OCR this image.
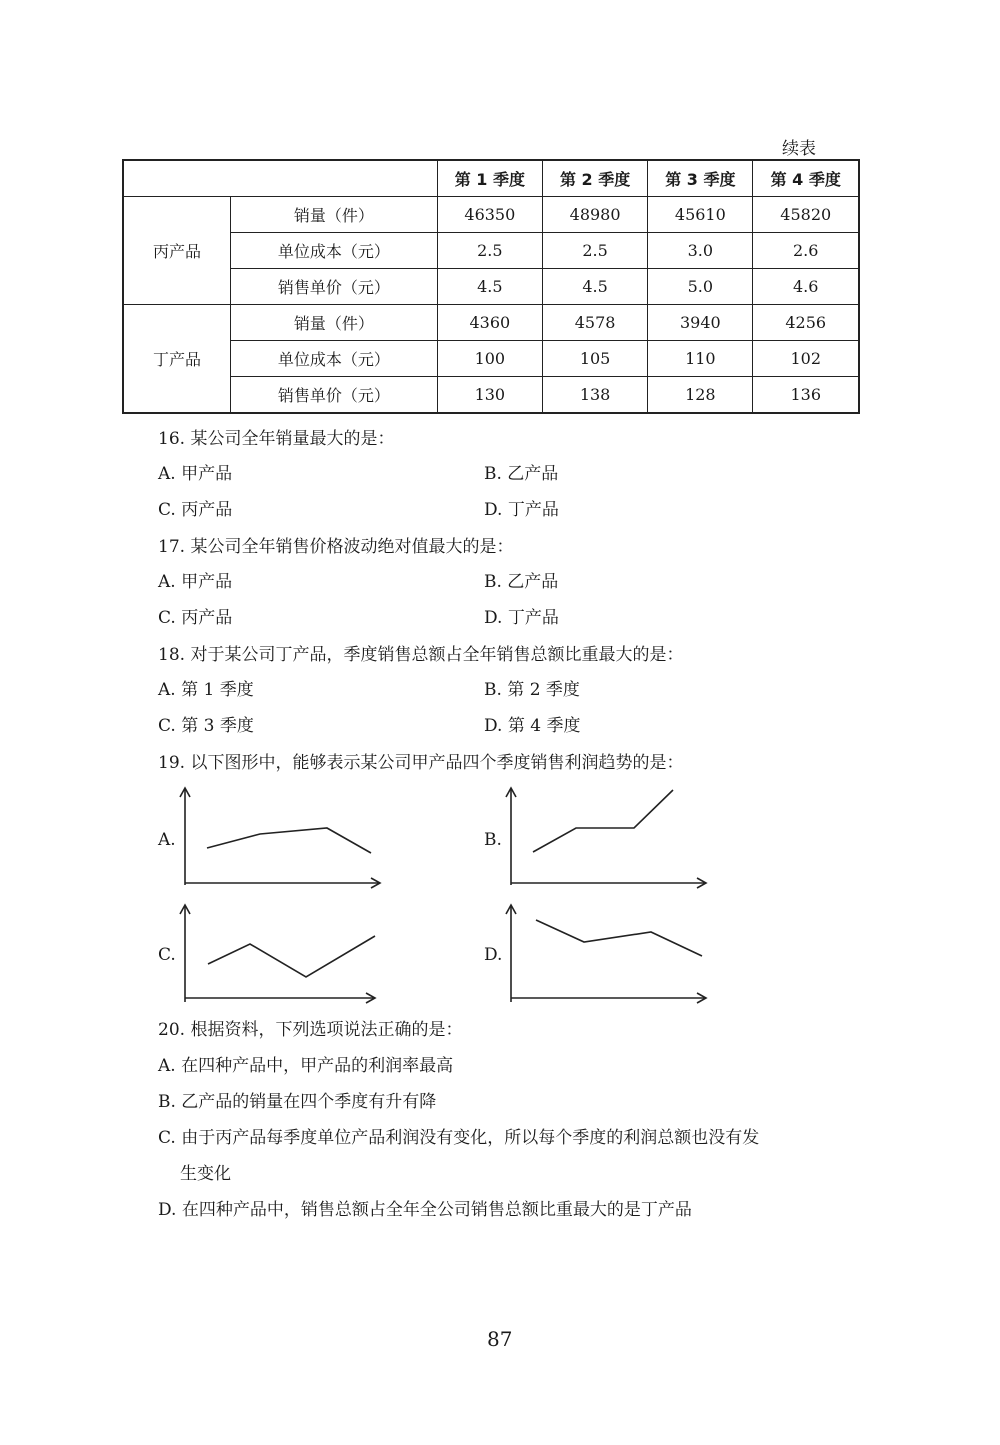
续表
		第 1 季度	第 2 季度	第 3 季度	第 4 季度
丙产品	销量（件）	46350	48980	45610	45820
	单位成本（元）	2.5	2.5	3.0	2.6
	销售单价（元）	4.5	4.5	5.0	4.6
丁产品	销量（件）	4360	4578	3940	4256
	单位成本（元）	100	105	110	102
	销售单价（元）	130	138	128	136
16. 某公司全年销量最大的是：
A. 甲产品	B. 乙产品
C. 丙产品	D. 丁产品
17. 某公司全年销售价格波动绝对值最大的是：
A. 甲产品	B. 乙产品
C. 丙产品	D. 丁产品
18. 对于某公司丁产品，季度销售总额占全年销售总额比重最大的是：
A. 第 1 季度	B. 第 2 季度
C. 第 3 季度	D. 第 4 季度
19. 以下图形中，能够表示某公司甲产品四个季度销售利润趋势的是：
A.	B.
C.	D.
20. 根据资料，下列选项说法正确的是：
A. 在四种产品中，甲产品的利润率最高
B. 乙产品的销量在四个季度有升有降
C. 由于丙产品每季度单位产品利润没有变化，所以每个季度的利润总额也没有发
生变化
D. 在四种产品中，销售总额占全年全公司销售总额比重最大的是丁产品
87
